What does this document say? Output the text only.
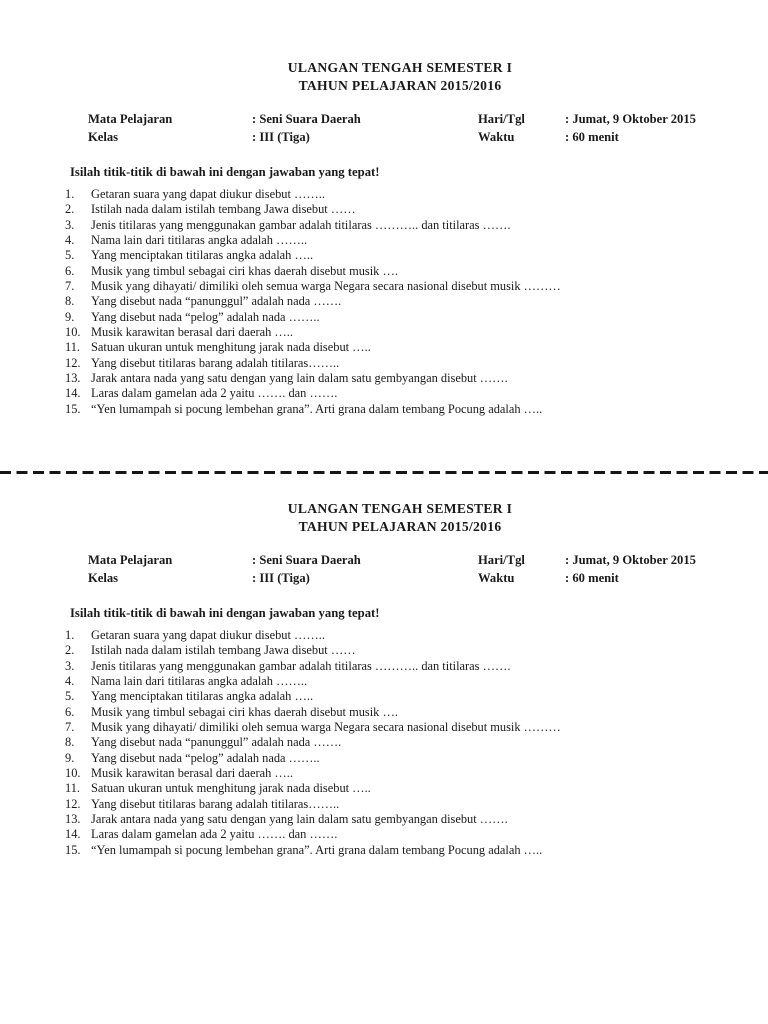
ULANGAN TENGAH SEMESTER I
TAHUN PELAJARAN 2015/2016
Mata Pelajaran	: Seni Suara Daerah	Hari/Tgl	: Jumat, 9 Oktober 2015
Kelas	: III (Tiga)	Waktu	: 60 menit
Isilah titik-titik di bawah ini dengan jawaban yang tepat!
1.	Getaran suara yang dapat diukur disebut ……..
2.	Istilah nada dalam istilah tembang Jawa disebut ……
3.	Jenis titilaras yang menggunakan gambar adalah titilaras ……….. dan titilaras …….
4.	Nama lain dari titilaras angka adalah ……..
5.	Yang menciptakan titilaras angka adalah …..
6.	Musik yang timbul sebagai ciri khas daerah disebut musik ….
7.	Musik yang dihayati/ dimiliki oleh semua warga Negara secara nasional disebut musik ………
8.	Yang disebut nada “panunggul” adalah nada …….
9.	Yang disebut nada “pelog” adalah nada ……..
10. Musik karawitan berasal dari daerah …..
11. Satuan ukuran untuk menghitung jarak nada disebut …..
12. Yang disebut titilaras barang adalah titilaras……..
13. Jarak antara nada yang satu dengan yang lain dalam satu gembyangan disebut …….
14. Laras dalam gamelan ada 2 yaitu ……. dan …….
15. “Yen lumampah si pocung lembehan grana”. Arti grana dalam tembang Pocung adalah …..
ULANGAN TENGAH SEMESTER I
TAHUN PELAJARAN 2015/2016
Mata Pelajaran	: Seni Suara Daerah	Hari/Tgl	: Jumat, 9 Oktober 2015
Kelas	: III (Tiga)	Waktu	: 60 menit
Isilah titik-titik di bawah ini dengan jawaban yang tepat!
1.	Getaran suara yang dapat diukur disebut ……..
2.	Istilah nada dalam istilah tembang Jawa disebut ……
3.	Jenis titilaras yang menggunakan gambar adalah titilaras ……….. dan titilaras …….
4.	Nama lain dari titilaras angka adalah ……..
5.	Yang menciptakan titilaras angka adalah …..
6.	Musik yang timbul sebagai ciri khas daerah disebut musik ….
7.	Musik yang dihayati/ dimiliki oleh semua warga Negara secara nasional disebut musik ………
8.	Yang disebut nada “panunggul” adalah nada …….
9.	Yang disebut nada “pelog” adalah nada ……..
10. Musik karawitan berasal dari daerah …..
11. Satuan ukuran untuk menghitung jarak nada disebut …..
12. Yang disebut titilaras barang adalah titilaras……..
13. Jarak antara nada yang satu dengan yang lain dalam satu gembyangan disebut …….
14. Laras dalam gamelan ada 2 yaitu ……. dan …….
15. “Yen lumampah si pocung lembehan grana”. Arti grana dalam tembang Pocung adalah …..
